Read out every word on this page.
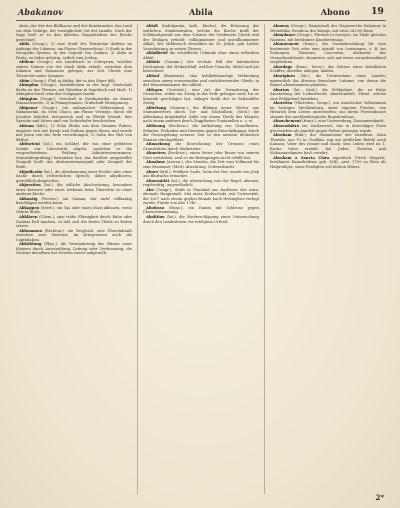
Abakanov	Abila	Abono 19

ahen, der Sitz der Bildhauer und der Kunstmacher, das Land vor dem Gebirge, der vorzüglichste Ort des Landes. Nach der Sage hieß er zu den ältesten Hauptstädten des Reichs gerechnet.

Abila (Geogr.), 1) eine Stadt der Tetrarchie Abilene im Anfange des Libanon, am Flusse Chrysorrhoas; 2) Stadt in der Decapolis Syriens, in der Gegend von Gadara; 3) Abila in Peräa, zu Sidon gehörig, östlich vom Jordan.

Abilene (Geogr.), ein Landstrich in Cölesyrien, welcher seinen Namen von der Stadt Abila erhielt, zwischen dem Libanon und Damascus gelegen; zur Zeit Christi eine Tetrarchie unter Lysanias.

Abim (Geogr.), Fluß in Afrika, der in den Niger fällt.

Abingdon (Geogr.), Marktflecken in der engl. Grafschaft Berks an der Themse, mit Fabriken in Segeltuch und Malz; 1) Abingdon-Insel, eine der Galapagos-Inseln.

Abington (Geogr.), Ortschaft in Nordamerika, im Staate Massachusetts; 2) in Pennsylvanien, Grafschaft Montgomery.

Abiponer (Geogr.), ein indianischer Völkerstamm in Südamerika, im Gran Chaco, am Flusse Vermejo, durch die Jesuiten bekehrt, kriegerisch und zu Pferde lebend; ihre Sprache und Sitten sind von Dobrizhofer beschrieben.

Abiram (bibl.), 1) Sohn Eliabs aus dem Stamme Ruben, empörte sich mit Korah und Dathan gegen Moses und wurde mit jenen von der Erde verschlungen; 2) Sohn des Hiel von Bethel.

Abiturient (lat.), ein Schüler, der von einer gelehrten Schule zur Universität abgeht, nachdem er die vorgeschriebene Prüfung (Abiturientenexamen, Maturitätsprüfung) bestanden hat; das darüber ausgestellte Zeugniß heißt das Abiturientenzeugniß oder Zeugniß der Reife.

Abjudicatio (lat.), die Aberkennung eines Rechts oder einer Sache durch richterlichen Spruch; daher abjudiciren, gerichtlich absprechen.

Abjuration (lat.), die eidliche Abschwörung, besonders einer Ketzerei oder eines Irrthums beim Übertritte zu einer anderen Kirche.

Abkantig (Forstw.), ein Stamm, der nicht vollkantig beschlagen werden kann.

Abkappen (Seew.), ein Tau oder einen Mast abhauen, wenn Gefahr droht.

Abklären (Chem.), eine trübe Flüssigkeit durch Ruhe oder Zusätze hell machen, so daß sich die festen Theile zu Boden setzen.

Abkommen (Rechtsw.), ein Vergleich, eine Übereinkunft zwischen zwei Parteien; im Kriegswesen auch die Capitulation.

Abkühlung (Phys.), die Verminderung der Wärme eines Körpers durch Ausstrahlung, Leitung oder Verdunstung; die Gesetze derselben hat Newton zuerst aufgestellt.

Ablaß (Indulgentia, kath. Kirche), die Erlassung der zeitlichen Sündenstrafen, welche die Kirche kraft der Schlüsselgewalt aus dem Schatze der Verdienste Christi und der Heiligen ertheilt; vollkommener und unvollkommener Ablaß; der Mißbrauch desselben im 16. Jahrh. gab Luther Veranlassung zu seinen Thesen.

Ablaßbrief die schriftliche Urkunde über einen ertheilten Ablaß.

Ablativ (Gramm.), der sechste Fall der lateinischen Declination, der Wodurchfall, welcher Ursache, Mittel und Art bezeichnet.

Ablauf (Baukunst), eine hohlkehlenartige Verbindung zwischen einem vortretenden und zurücktretenden Gliede; in der Wasserbaukunst der Abfluß.

Ablegen (Gartenb.), eine Art der Vermehrung der Gewächse, wobei ein Zweig in die Erde gebogen wird, bis er Wurzeln geschlagen hat; Ableger heißt der so behandelte Zweig.

Ableitung (Gramm.), die Bildung neuer Wörter aus Stammwörtern durch Vor- und Nachsilben; (Med.) die Ablenkung krankhafter Säfte von einem Theile des Körpers nach einem anderen durch Zugpflaster, Fontanellen u. s. w.

Ablösung (Rechtsw.), die Aufhebung von Grundlasten, Zehnten, Frohnden und Diensten gegen Entschädigung; durch die Gesetzgebung neuerer Zeit in den meisten deutschen Staaten durchgeführt.

Abmarkung die Bezeichnung der Grenzen eines Grundstücks durch Marksteine.

Abmeiern (Rechtsw.), einen Meier oder Bauer von seinem Gute vertreiben, weil er die Bedingungen nicht erfüllt hat.

Abnahme (Astron.), des Mondes, die Zeit vom Vollmond bis zum Neumond; (Med.) Abzehrung, Schwindsucht.

Abner (bibl.), Feldherr Sauls, Sohn des Ner, wurde von Joab aus Blutrache ermordet.

Abnormität (lat.), die Abweichung von der Regel; abnorm, regelwidrig, ungewöhnlich.

Abo (Geogr.), Stadt in Finnland am Ausflusse der Aura, ehemals Hauptstadt, Sitz eines Erzbischofs, mit Universität, die 1827 nach einem großen Brande nach Helsingfors verlegt wurde; Friede von Abo 1743.

Aboiteau (franz.), ein Damm mit Schleuse gegen Überschwemmung.

Abolition (lat.), die Niederschlagung einer Untersuchung durch den Landesherrn vor erfolgtem Urtheil.

Abomey (Geogr.), Hauptstadt des Negerreichs Dahomey in Westafrika, Residenz des Königs, mit etwa 24,000 Einw.

Abondance (Geogr.), Flecken in Savoyen, im Thale gleiches Namens, mit berühmter Käsebereitung.

Abonnement (franz.), die Vorausbezahlung für eine bestimmte Zeit oder eine Anzahl von Leistungen, z. B. bei Zeitungen, Theatern, Concerten; Abonnent, der Vorausbezahlende; abonniren, sich auf etwas vorausbezahlend verpflichten.

Abordage (franz., Seew.), das Entern eines feindlichen Schiffes; aborder, anlegen, landen.

Aborigines (lat.), die Ureinwohner eines Landes; namentlich die ältesten Bewohner Latiums, von denen die Römer abzustammen glaubten.

Abortus (lat., Med.), die Fehlgeburt, die zu frühe Ausstoßung der Leibesfrucht; Abortivmittel, Mittel, welche eine Fehlgeburt bewirken.

Abotriten (Obotriten, Geogr.), ein wendischer Volksstamm im heutigen Mecklenburg, unter eigenen Fürsten, von Heinrich dem Löwen unterworfen; aus ihrem Fürstenhause stammt das mecklenburgische Regentenhaus.

Abouchement (franz.), eine Unterredung, Zusammenkunft.

Abracadabra ein Zauberwort, das in dreieckiger Form geschrieben als Amulett gegen Fieber getragen wurde.

Abraham (bibl.), der Stammvater der Israeliten, Sohn Tharahs, aus Ur in Chaldäa, zog auf göttlichen Befehl nach Kanaan; Vater des Ismael und Isaak; sein Leben wird im 1. Buche Mose erzählt; bei Juden, Christen und Mohammedanern hoch verehrt.

Abraham a Sancta Clara eigentlich Ulrich Megerle, berühmter Kanzelredner, geb. 1642, gest. 1709 zu Wien als Hofprediger; seine Predigten voll derben Witzes.

2*
